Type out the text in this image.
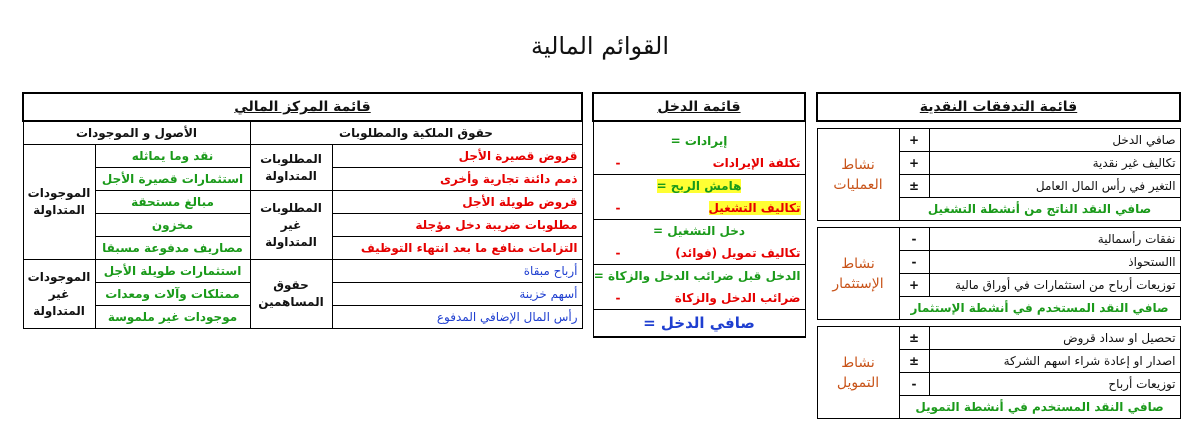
القوائم المالية
قائمة المركز المالي			
حقوق الملكية والمطلوبات		الأصول و الموجودات	
قروض قصيرة الأجل	المطلوبات المتداولة	نقد وما يماثله	الموجودات المتداولة
ذمم دائنة تجارية وأخرى		استثمارات قصيرة الأجل	
قروض طويلة الأجل	المطلوبات غير المتداولة	مبالغ مستحقة	
مطلوبات ضريبة دخل مؤجلة		مخزون	
التزامات منافع ما بعد انتهاء التوظيف		مصاريف مدفوعة مسبقا	
أرباح مبقاة	حقوق المساهمين	استثمارات طويلة الأجل	الموجودات غير المتداولة
أسهم خزينة		ممتلكات وآلات ومعدات	
رأس المال الإضافي المدفوع		موجودات غير ملموسة	
قائمة الدخل

إيرادات =
تكلفة الإيرادات
-

هامش الربح =
تكاليف التشغيل
-

دخل التشغيل =
تكاليف تمويل (فوائد)
-

الدخل قبل ضرائب الدخل والزكاة =
ضرائب الدخل والزكاة
-

صافي الدخل =
قائمة التدفقات النقدية		

صافي الدخل	+	نشاط العمليات
تكاليف غير نقدية	+	
التغير في رأس المال العامل	±	
صافي النقد الناتج من أنشطة التشغيل		

نفقات رأسمالية	-	نشاط الإستثمار
االستحواذ	-	
توزيعات أرباح من استثمارات في أوراق مالية	+	
صافي النقد المستخدم في أنشطة الإستثمار		

تحصيل او سداد قروض	±	نشاط التمويل
اصدار او إعادة شراء اسهم الشركة	±	
توزيعات أرباح	-	
صافي النقد المستخدم في أنشطة التمويل		
